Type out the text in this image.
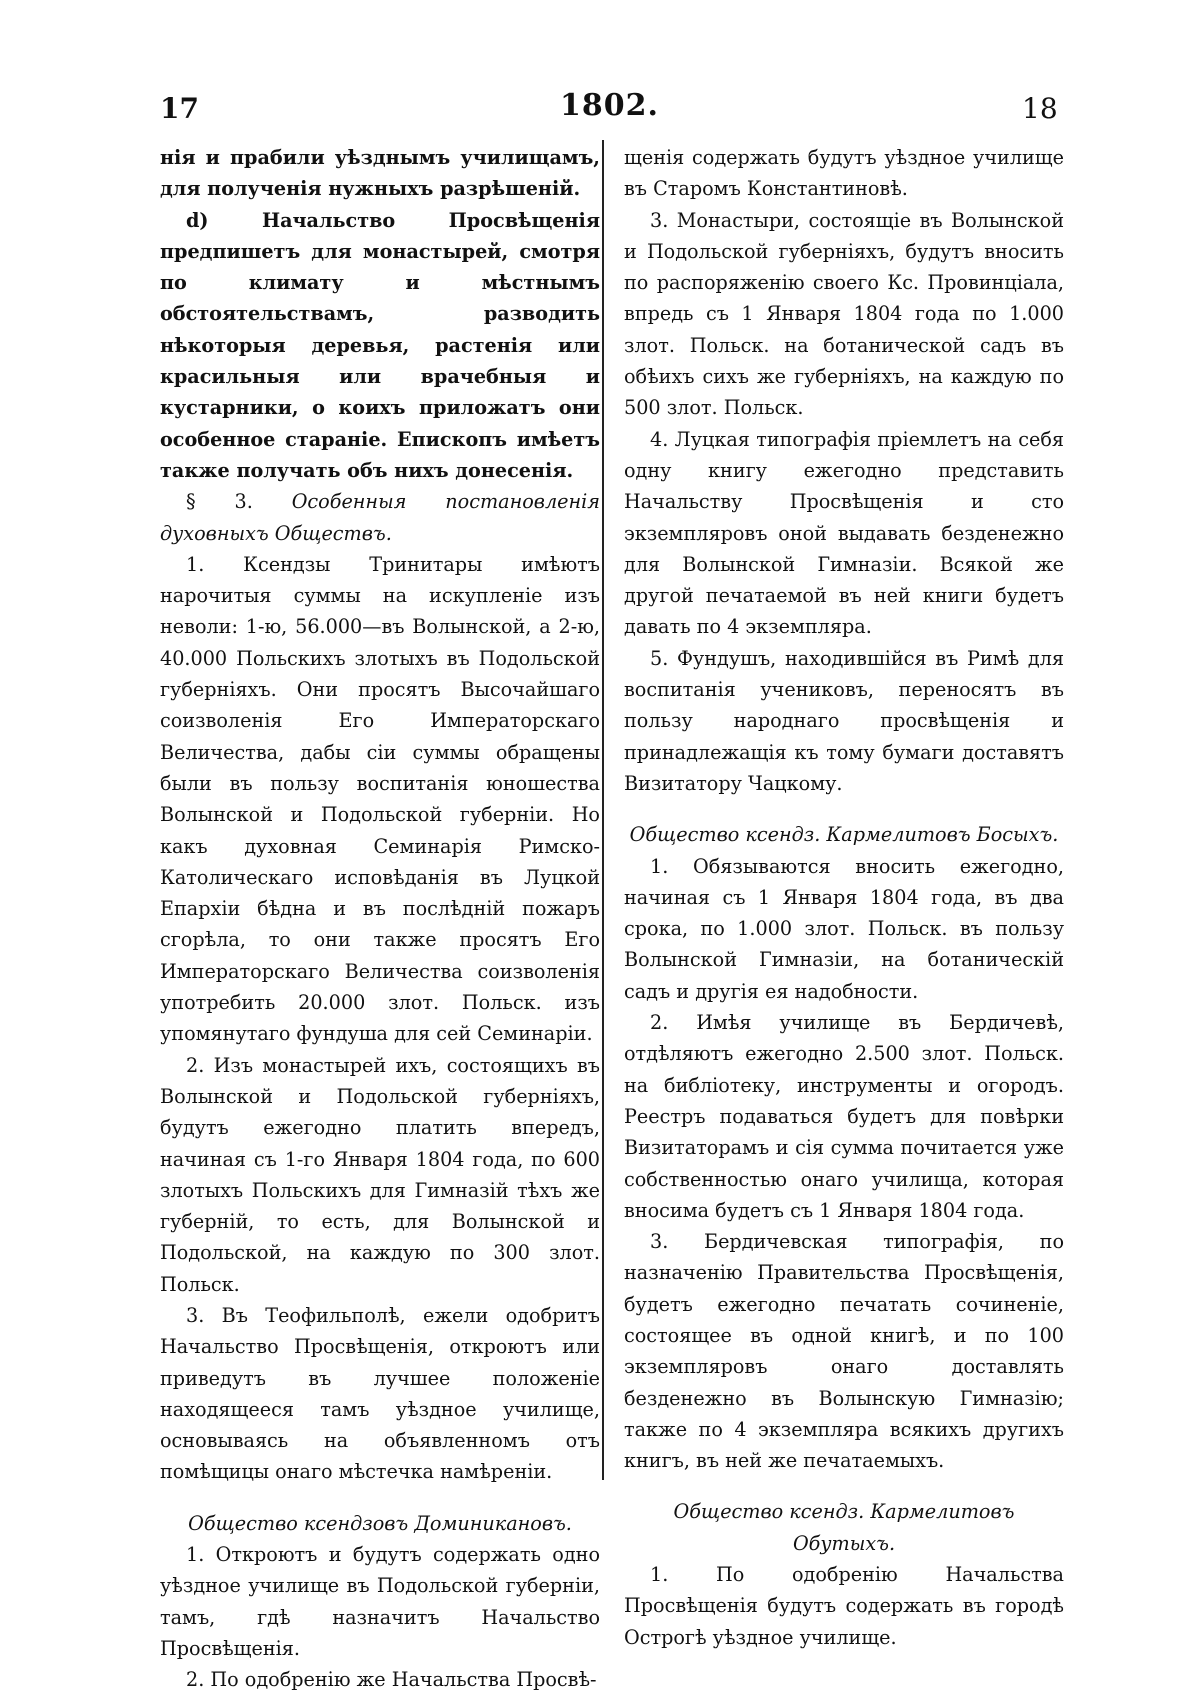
17	1802.	18

нія и прабили уѣзднымъ училищамъ, для полученія нужныхъ разрѣшеній.

d) Начальство Просвѣщенія предпишетъ для монастырей, смотря по климату и мѣстнымъ обстоятельствамъ, разводить нѣкоторыя деревья, растенія или красильныя или врачебныя и кустарники, о коихъ приложатъ они особенное стараніе. Епископъ имѣетъ также получать объ нихъ донесенія.

§ 3. Особенныя постановленія духовныхъ Обществъ.

1. Ксендзы Тринитары имѣютъ нарочитыя суммы на искупленіе изъ неволи: 1-ю, 56.000—въ Волынской, а 2-ю, 40.000 Польскихъ злотыхъ въ Подольской губерніяхъ. Они просятъ Высочайшаго соизволенія Его Императорскаго Величества, дабы сіи суммы обращены были въ пользу воспитанія юношества Волынской и Подольской губерніи. Но какъ духовная Семинарія Римско-Католическаго исповѣданія въ Луцкой Епархіи бѣдна и въ послѣдній пожаръ сгорѣла, то они также просятъ Его Императорскаго Величества соизволенія употребить 20.000 злот. Польск. изъ упомянутаго фундуша для сей Семинаріи.

2. Изъ монастырей ихъ, состоящихъ въ Волынской и Подольской губерніяхъ, будутъ ежегодно платить впередъ, начиная съ 1-го Января 1804 года, по 600 злотыхъ Польскихъ для Гимназій тѣхъ же губерній, то есть, для Волынской и Подольской, на каждую по 300 злот. Польск.

3. Въ Теофильполѣ, ежели одобритъ Начальство Просвѣщенія, откроютъ или приведутъ въ лучшее положеніе находящееся тамъ уѣздное училище, основываясь на объявленномъ отъ помѣщицы онаго мѣстечка намѣреніи.

Общество ксендзовъ Доминикановъ.

1. Откроютъ и будутъ содержать одно уѣздное училище въ Подольской губерніи, тамъ, гдѣ назначитъ Начальство Просвѣщенія.

2. По одобренію же Начальства Просвѣ-

щенія содержать будутъ уѣздное училище въ Старомъ Константиновѣ.

3. Монастыри, состоящіе въ Волынской и Подольской губерніяхъ, будутъ вносить по распоряженію своего Кс. Провинціала, впредь съ 1 Января 1804 года по 1.000 злот. Польск. на ботанической садъ въ обѣихъ сихъ же губерніяхъ, на каждую по 500 злот. Польск.

4. Луцкая типографія пріемлетъ на себя одну книгу ежегодно представить Начальству Просвѣщенія и сто экземпляровъ оной выдавать безденежно для Волынской Гимназіи. Всякой же другой печатаемой въ ней книги будетъ давать по 4 экземпляра.

5. Фундушъ, находившійся въ Римѣ для воспитанія учениковъ, переносятъ въ пользу народнаго просвѣщенія и принадлежащія къ тому бумаги доставятъ Визитатору Чацкому.

Общество ксендз. Кармелитовъ Босыхъ.

1. Обязываются вносить ежегодно, начиная съ 1 Января 1804 года, въ два срока, по 1.000 злот. Польск. въ пользу Волынской Гимназіи, на ботаническій садъ и другія ея надобности.

2. Имѣя училище въ Бердичевѣ, отдѣляютъ ежегодно 2.500 злот. Польск. на библіотеку, инструменты и огородъ. Реестръ подаваться будетъ для повѣрки Визитаторамъ и сія сумма почитается уже собственностью онаго училища, которая вносима будетъ съ 1 Января 1804 года.

3. Бердичевская типографія, по назначенію Правительства Просвѣщенія, будетъ ежегодно печатать сочиненіе, состоящее въ одной книгѣ, и по 100 экземпляровъ онаго доставлять безденежно въ Волынскую Гимназію; также по 4 экземпляра всякихъ другихъ книгъ, въ ней же печатаемыхъ.

Общество ксендз. Кармелитовъ Обутыхъ.

1. По одобренію Начальства Просвѣщенія будутъ содержать въ городѣ Острогѣ уѣздное училище.
